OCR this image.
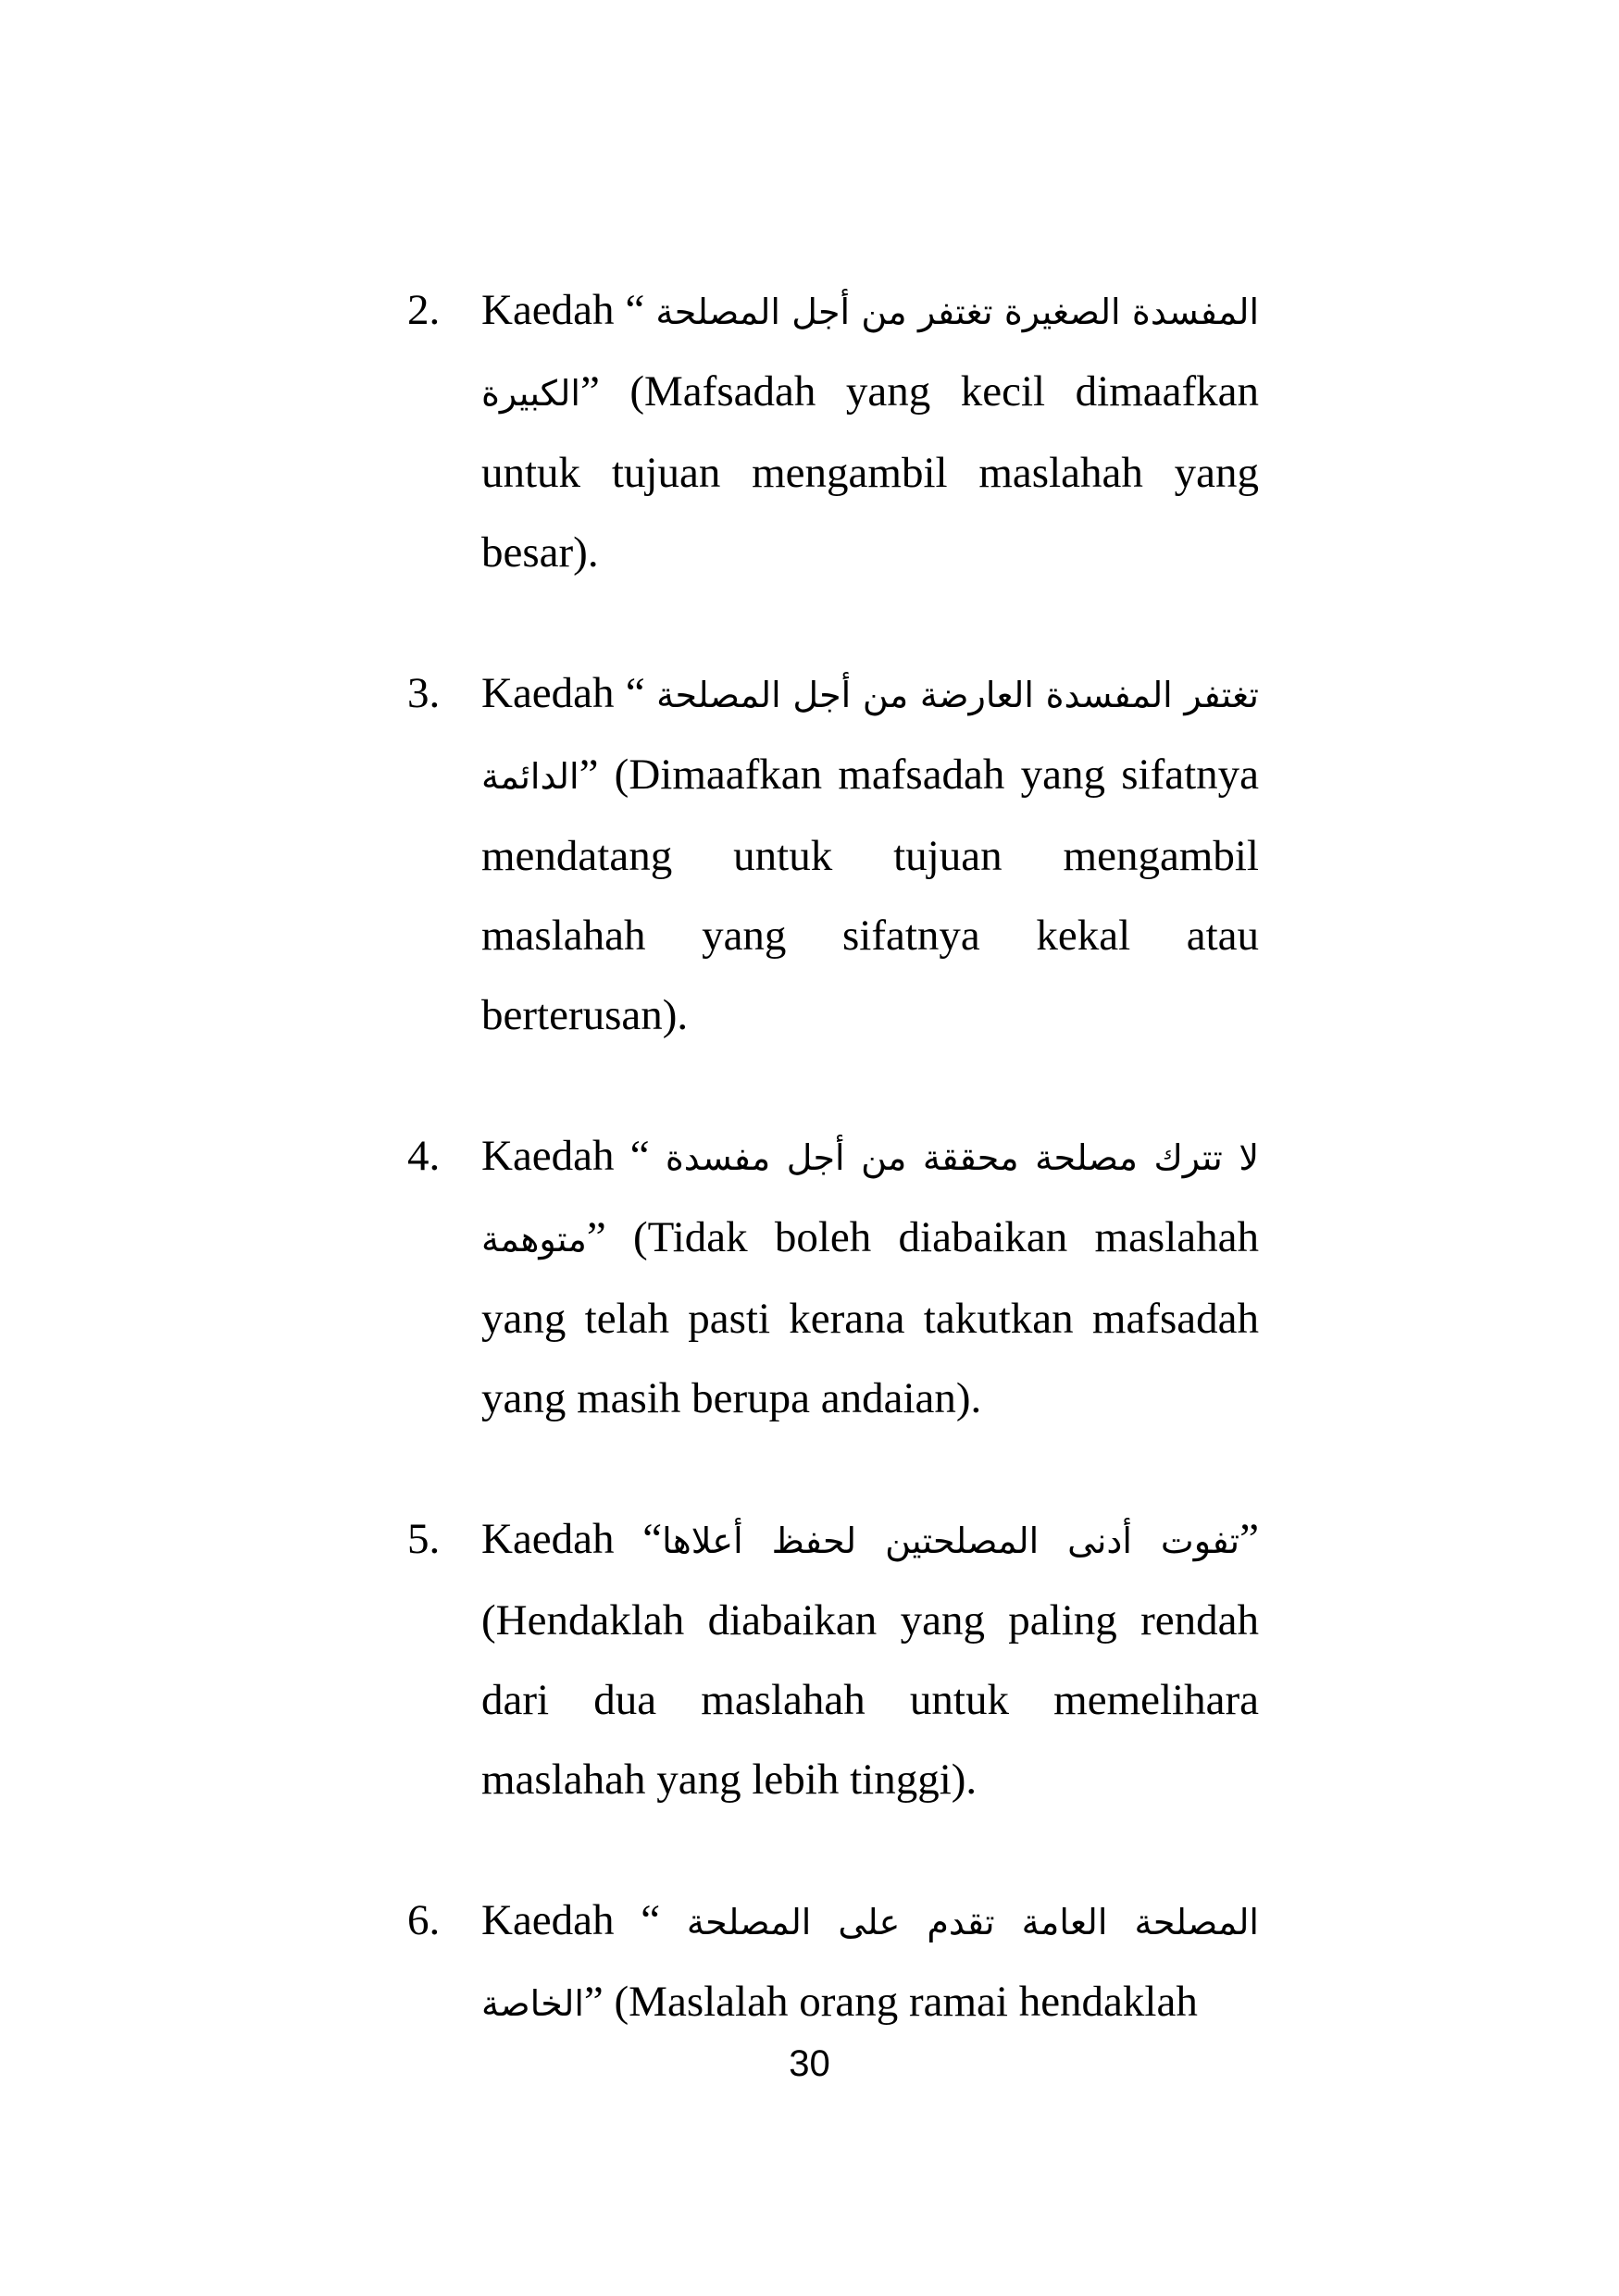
2. Kaedah “ المفسدة الصغيرة تغتفر من أجل المصلحة الكبيرة” (Mafsadah yang kecil dimaafkan untuk tujuan mengambil maslahah yang besar).
3. Kaedah “ تغتفر المفسدة العارضة من أجل المصلحة الدائمة” (Dimaafkan mafsadah yang sifatnya mendatang untuk tujuan mengambil maslahah yang sifatnya kekal atau berterusan).
4. Kaedah “ لا تترك مصلحة محققة من أجل مفسدة متوهمة” (Tidak boleh diabaikan maslahah yang telah pasti kerana takutkan mafsadah yang masih berupa andaian).
5. Kaedah “تفوت أدنى المصلحتين لحفظ أعلاها” (Hendaklah diabaikan yang paling rendah dari dua maslahah untuk memelihara maslahah yang lebih tinggi).
6. Kaedah “ المصلحة العامة تقدم على المصلحة الخاصة” (Maslalah orang ramai hendaklah
30
